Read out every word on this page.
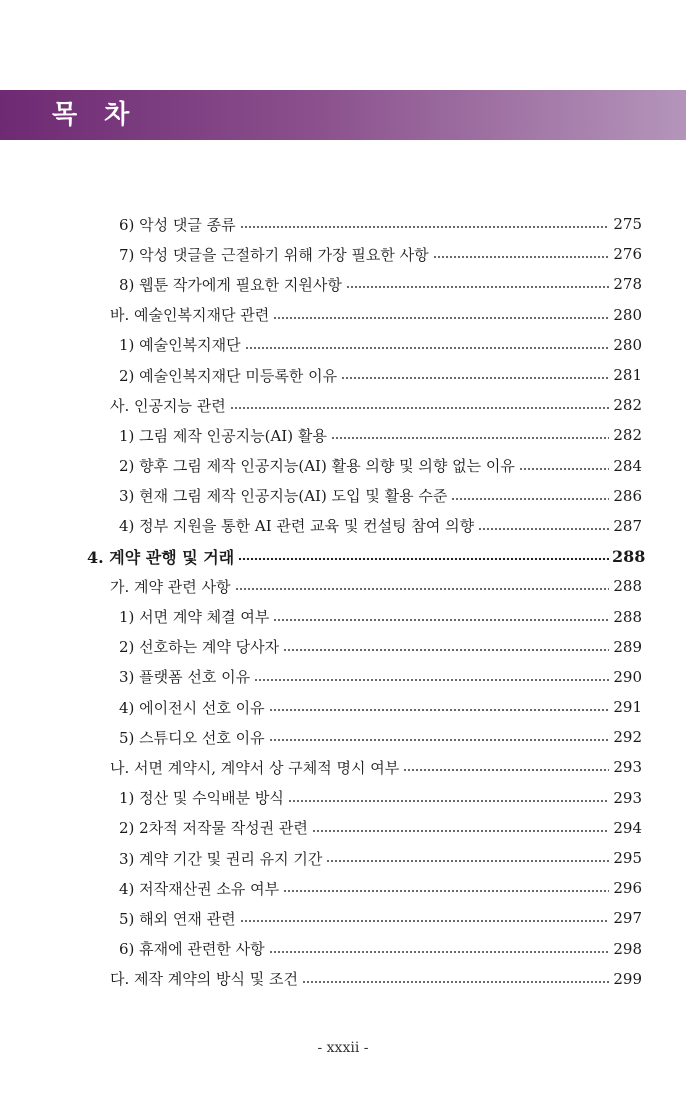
목 차
6) 악성 댓글 종류	275
7) 악성 댓글을 근절하기 위해 가장 필요한 사항	276
8) 웹툰 작가에게 필요한 지원사항	278
바. 예술인복지재단 관련	280
1) 예술인복지재단	280
2) 예술인복지재단 미등록한 이유	281
사. 인공지능 관련	282
1) 그림 제작 인공지능(AI) 활용	282
2) 향후 그림 제작 인공지능(AI) 활용 의향 및 의향 없는 이유	284
3) 현재 그림 제작 인공지능(AI) 도입 및 활용 수준	286
4) 정부 지원을 통한 AI 관련 교육 및 컨설팅 참여 의향	287
4. 계약 관행 및 거래	288
가. 계약 관련 사항	288
1) 서면 계약 체결 여부	288
2) 선호하는 계약 당사자	289
3) 플랫폼 선호 이유	290
4) 에이전시 선호 이유	291
5) 스튜디오 선호 이유	292
나. 서면 계약시, 계약서 상 구체적 명시 여부	293
1) 정산 및 수익배분 방식	293
2) 2차적 저작물 작성권 관련	294
3) 계약 기간 및 권리 유지 기간	295
4) 저작재산권 소유 여부	296
5) 해외 연재 관련	297
6) 휴재에 관련한 사항	298
다. 제작 계약의 방식 및 조건	299
- xxxii -
